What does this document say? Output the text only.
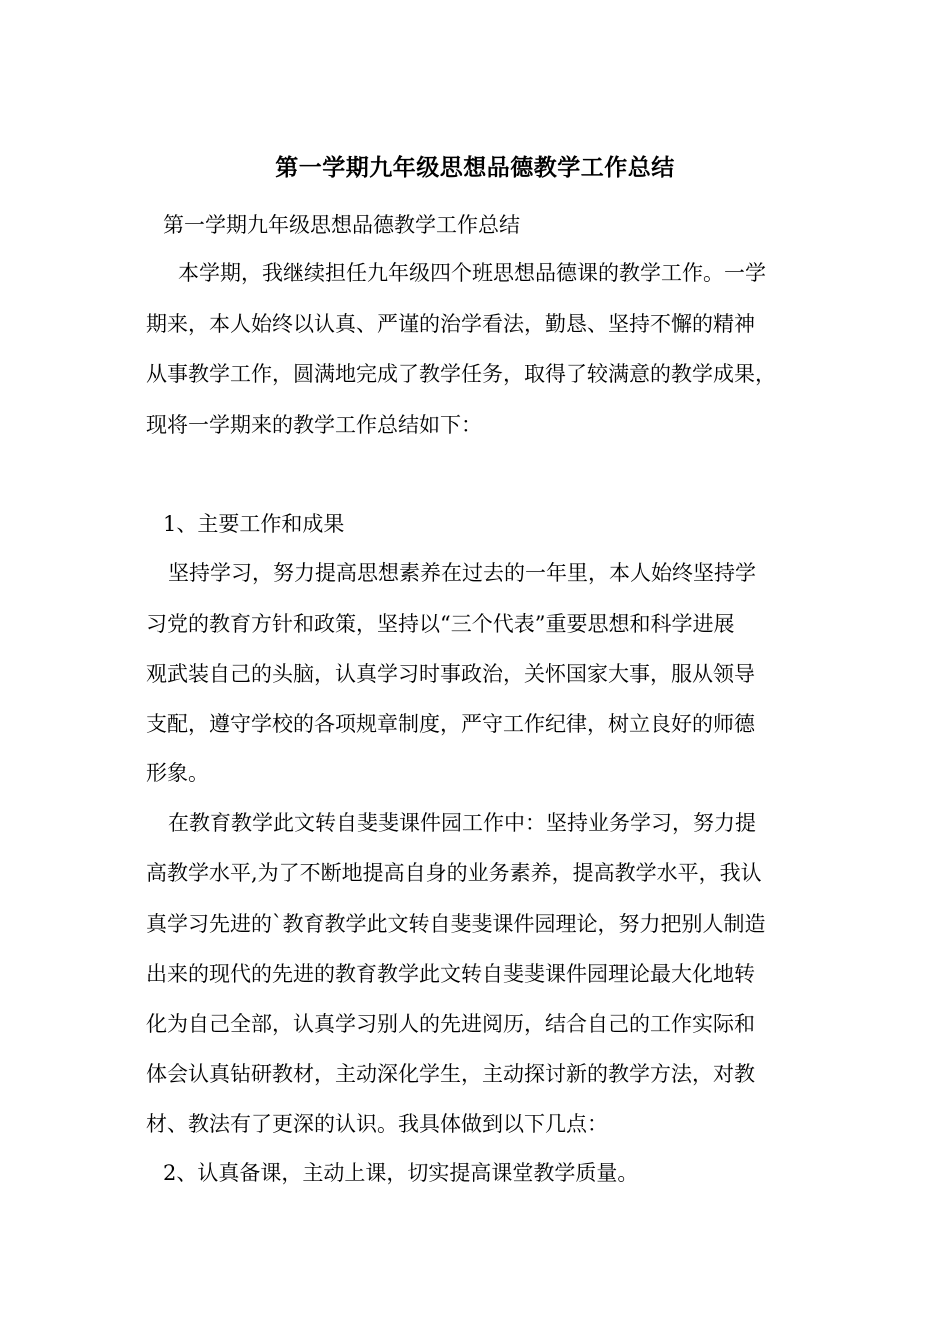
第一学期九年级思想品德教学工作总结
第一学期九年级思想品德教学工作总结
本学期，我继续担任九年级四个班思想品德课的教学工作。一学
期来，本人始终以认真、严谨的治学看法，勤恳、坚持不懈的精神
从事教学工作，圆满地完成了教学任务，取得了较满意的教学成果，
现将一学期来的教学工作总结如下：
1、主要工作和成果
坚持学习，努力提高思想素养在过去的一年里，本人始终坚持学
习党的教育方针和政策，坚持以“三个代表”重要思想和科学进展
观武装自己的头脑，认真学习时事政治，关怀国家大事，服从领导
支配，遵守学校的各项规章制度，严守工作纪律，树立良好的师德
形象。
在教育教学此文转自斐斐课件园工作中：坚持业务学习，努力提
高教学水平,为了不断地提高自身的业务素养，提高教学水平，我认
真学习先进的`教育教学此文转自斐斐课件园理论，努力把别人制造
出来的现代的先进的教育教学此文转自斐斐课件园理论最大化地转
化为自己全部，认真学习别人的先进阅历，结合自己的工作实际和
体会认真钻研教材，主动深化学生，主动探讨新的教学方法，对教
材、教法有了更深的认识。我具体做到以下几点：
2、认真备课，主动上课，切实提高课堂教学质量。
